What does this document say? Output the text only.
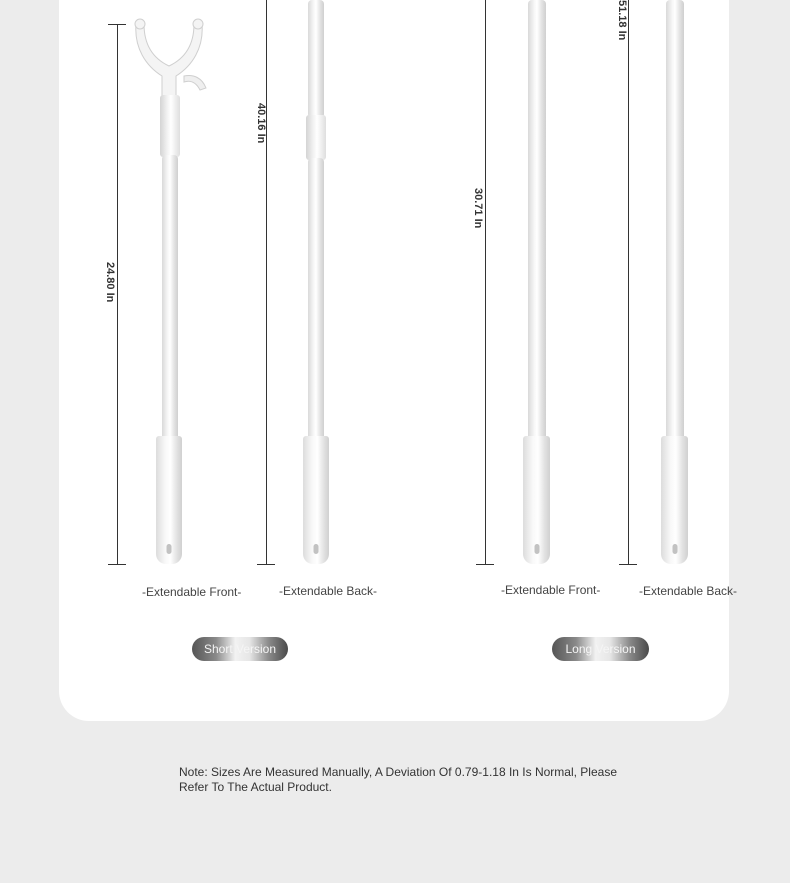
24.80 In
-Extendable Front-
40.16 In
-Extendable Back-
Short Version
30.71 In
-Extendable Front-
51.18 In
-Extendable Back-
Long Version
Note: Sizes Are Measured Manually, A Deviation Of 0.79-1.18 In Is Normal, Please Refer To The Actual Product.
